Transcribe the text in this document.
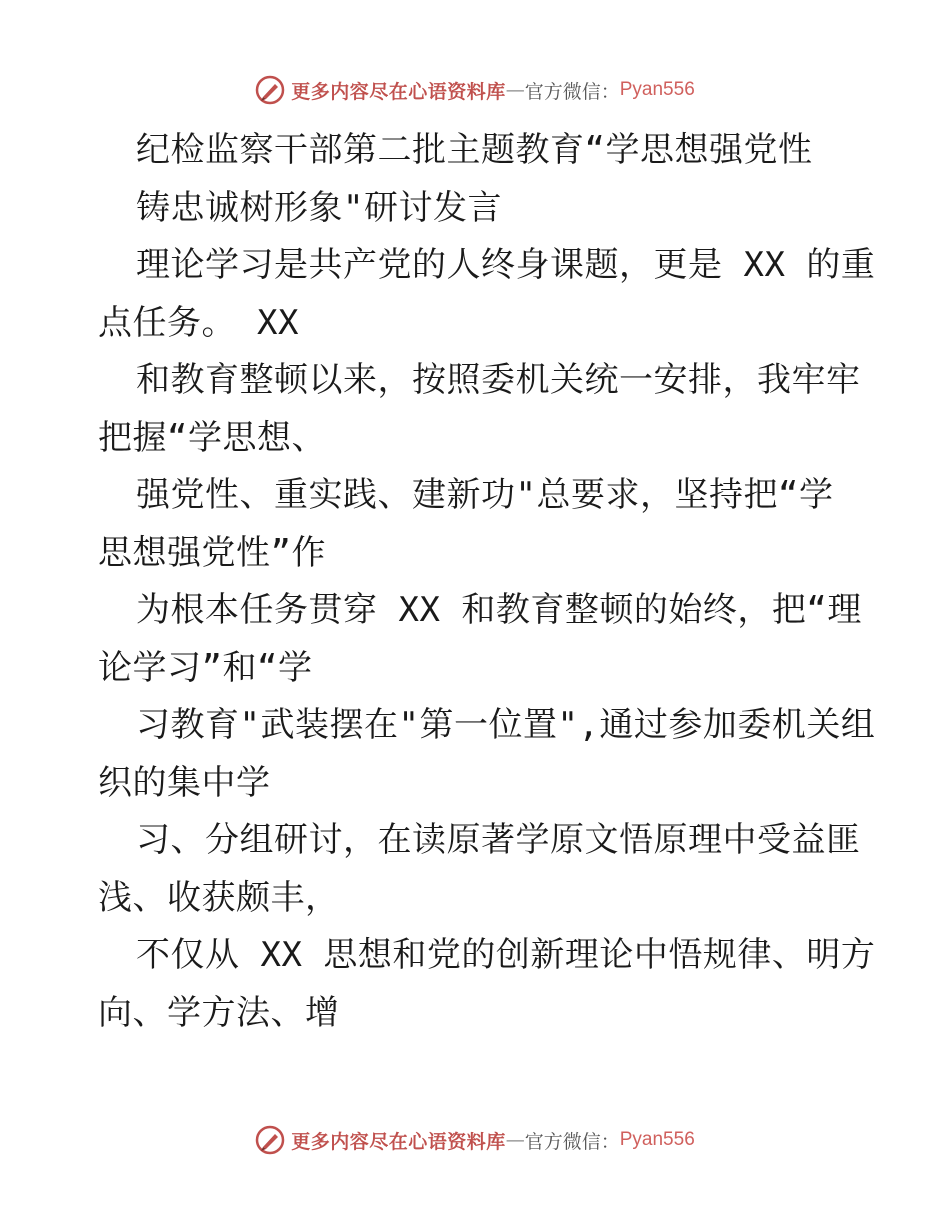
更多内容尽在心语资料库 — 官方微信： Pyan556
纪检监察干部第二批主题教育“学思想强党性
铸忠诚树形象"研讨发言
理论学习是共产党的人终身课题，更是 XX 的重
点任务。 XX
和教育整顿以来，按照委机关统一安排，我牢牢
把握“学思想、
强党性、重实践、建新功"总要求，坚持把“学
思想强党性”作
为根本任务贯穿 XX 和教育整顿的始终，把“理
论学习”和“学
习教育"武装摆在"第一位置",通过参加委机关组
织的集中学
习、分组研讨，在读原著学原文悟原理中受益匪
浅、收获颇丰，
不仅从 XX 思想和党的创新理论中悟规律、明方
向、学方法、增
更多内容尽在心语资料库 — 官方微信： Pyan556
